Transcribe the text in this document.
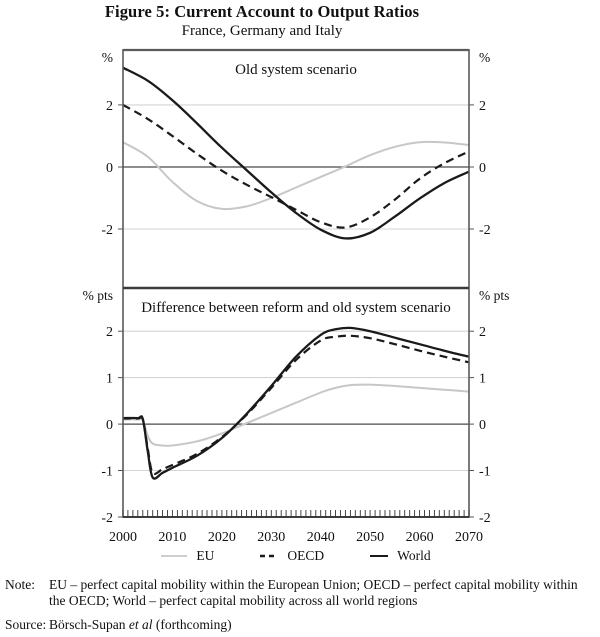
Figure 5: Current Account to Output Ratios
France, Germany and Italy
Old system scenario
2	2
0	0
-2	-2
%	%
Difference between reform and old system scenario
2	2
1	1
0	0
-1	-1
-2	-2
% pts	% pts
2000 2010 2020 2030 2040 2050 2060 2070
EU	OECD	World
Note:	EU – perfect capital mobility within the European Union; OECD – perfect capital mobility within the OECD; World – perfect capital mobility across all world regions
Source: Börsch-Supan et al (forthcoming)
